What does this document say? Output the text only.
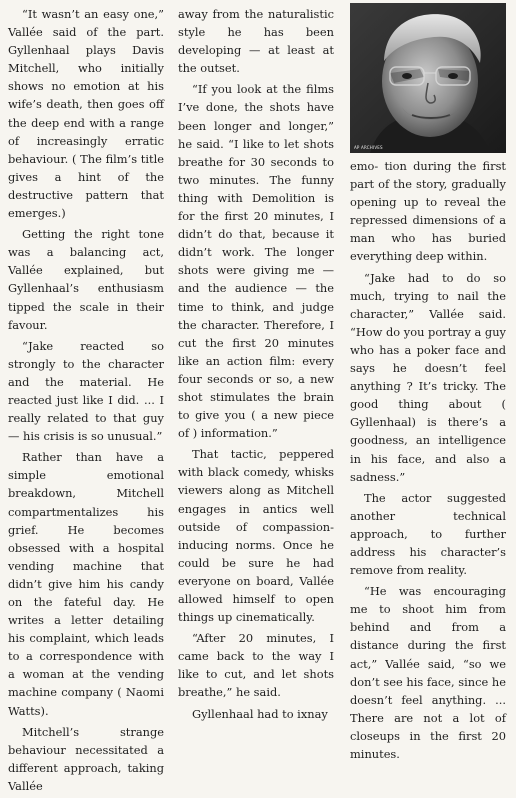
“It wasn’t an easy one,” Vallée said of the part. Gyllenhaal plays Davis Mitchell, who initially shows no emotion at his wife’s death, then goes off the deep end with a range of increasingly erratic behaviour. ( The film’s title gives a hint of the destructive pattern that emerges.)

Getting the right tone was a balancing act, Vallée explained, but Gyllenhaal’s enthusiasm tipped the scale in their favour.

“Jake reacted so strongly to the character and the material. He reacted just like I did. ... I really related to that guy — his crisis is so unusual.”

Rather than have a simple emotional breakdown, Mitchell compartmentalizes his grief. He becomes obsessed with a hospital vending machine that didn’t give him his candy on the fateful day. He writes a letter detailing his complaint, which leads to a correspondence with a woman at the vending machine company ( Naomi Watts).

Mitchell’s strange behaviour necessitated a different approach, taking Vallée

away from the naturalistic style he has been developing — at least at the outset.

“If you look at the films I’ve done, the shots have been longer and longer,” he said. “I like to let shots breathe for 30 seconds to two minutes. The funny thing with Demolition is for the first 20 minutes, I didn’t do that, because it didn’t work. The longer shots were giving me — and the audience — the time to think, and judge the character. Therefore, I cut the first 20 minutes like an action film: every four seconds or so, a new shot stimulates the brain to give you ( a new piece of ) information.”

That tactic, peppered with black comedy, whisks viewers along as Mitchell engages in antics well outside of compassion- inducing norms. Once he could be sure he had everyone on board, Vallée allowed himself to open things up cinematically.

“After 20 minutes, I came back to the way I like to cut, and let shots breathe,” he said.

Gyllenhaal had to ixnay

AP ARCHIVES

emo- tion during the first part of the story, gradually opening up to reveal the repressed dimensions of a man who has buried everything deep within.

“Jake had to do so much, trying to nail the character,” Vallée said. “How do you portray a guy who has a poker face and says he doesn’t feel anything ? It’s tricky. The good thing about ( Gyllenhaal) is there’s a goodness, an intelligence in his face, and also a sadness.”

The actor suggested another technical approach, to further address his character’s remove from reality.

“He was encouraging me to shoot him from behind and from a distance during the first act,” Vallée said, “so we don’t see his face, since he doesn’t feel anything. ... There are not a lot of closeups in the first 20 minutes.
